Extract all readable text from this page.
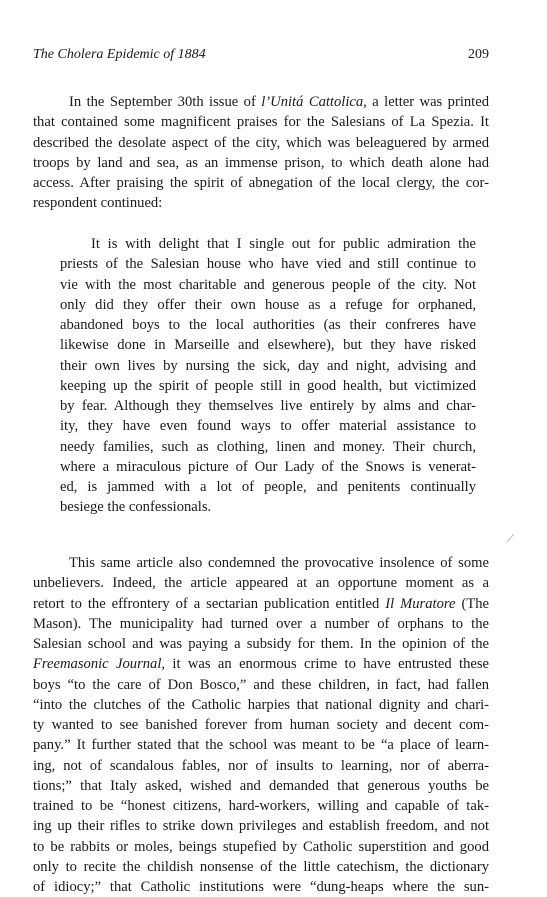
The Cholera Epidemic of 1884	209
In the September 30th issue of l’Unitá Cattolica, a letter was printed
that contained some magnificent praises for the Salesians of La Spezia. It
described the desolate aspect of the city, which was beleaguered by armed
troops by land and sea, as an immense prison, to which death alone had
access. After praising the spirit of abnegation of the local clergy, the cor-
respondent continued:
It is with delight that I single out for public admiration the
priests of the Salesian house who have vied and still continue to
vie with the most charitable and generous people of the city. Not
only did they offer their own house as a refuge for orphaned,
abandoned boys to the local authorities (as their confreres have
likewise done in Marseille and elsewhere), but they have risked
their own lives by nursing the sick, day and night, advising and
keeping up the spirit of people still in good health, but victimized
by fear. Although they themselves live entirely by alms and char-
ity, they have even found ways to offer material assistance to
needy families, such as clothing, linen and money. Their church,
where a miraculous picture of Our Lady of the Snows is venerat-
ed, is jammed with a lot of people, and penitents continually
besiege the confessionals.
This same article also condemned the provocative insolence of some
unbelievers. Indeed, the article appeared at an opportune moment as a
retort to the effrontery of a sectarian publication entitled Il Muratore (The
Mason). The municipality had turned over a number of orphans to the
Salesian school and was paying a subsidy for them. In the opinion of the
Freemasonic Journal, it was an enormous crime to have entrusted these
boys “to the care of Don Bosco,” and these children, in fact, had fallen
“into the clutches of the Catholic harpies that national dignity and chari-
ty wanted to see banished forever from human society and decent com-
pany.” It further stated that the school was meant to be “a place of learn-
ing, not of scandalous fables, nor of insults to learning, nor of aberra-
tions;” that Italy asked, wished and demanded that generous youths be
trained to be “honest citizens, hard-workers, willing and capable of tak-
ing up their rifles to strike down privileges and establish freedom, and not
to be rabbits or moles, beings stupefied by Catholic superstition and good
only to recite the childish nonsense of the little catechism, the dictionary
of idiocy;” that Catholic institutions were “dung-heaps where the sun-
